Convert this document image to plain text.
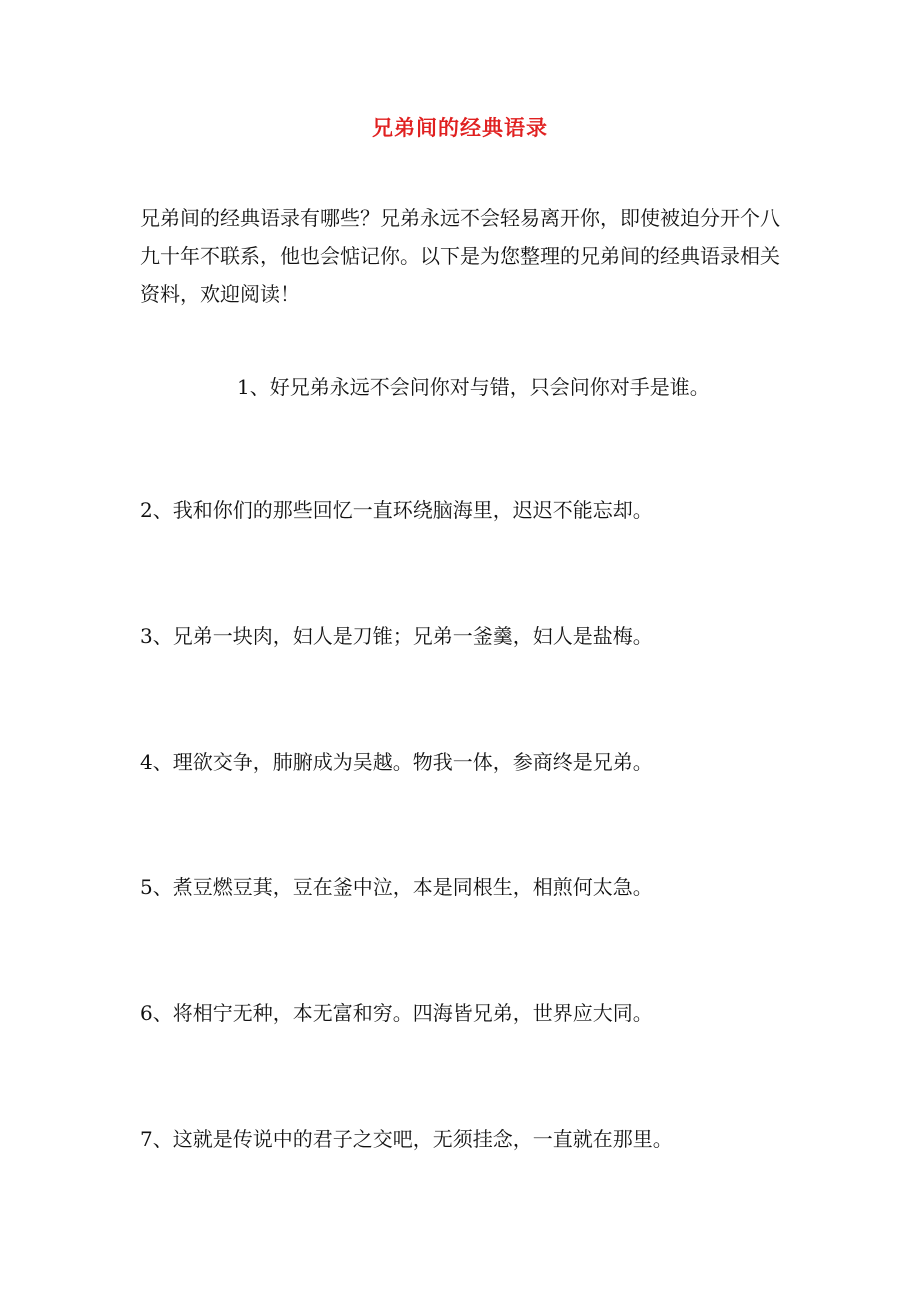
兄弟间的经典语录

兄弟间的经典语录有哪些？兄弟永远不会轻易离开你，即使被迫分开个八九十年不联系，他也会惦记你。以下是为您整理的兄弟间的经典语录相关资料，欢迎阅读！

1、好兄弟永远不会问你对与错，只会问你对手是谁。

2、我和你们的那些回忆一直环绕脑海里，迟迟不能忘却。

3、兄弟一块肉，妇人是刀锥；兄弟一釜羹，妇人是盐梅。

4、理欲交争，肺腑成为吴越。物我一体，参商终是兄弟。

5、煮豆燃豆萁，豆在釜中泣，本是同根生，相煎何太急。

6、将相宁无种，本无富和穷。四海皆兄弟，世界应大同。

7、这就是传说中的君子之交吧，无须挂念，一直就在那里。
